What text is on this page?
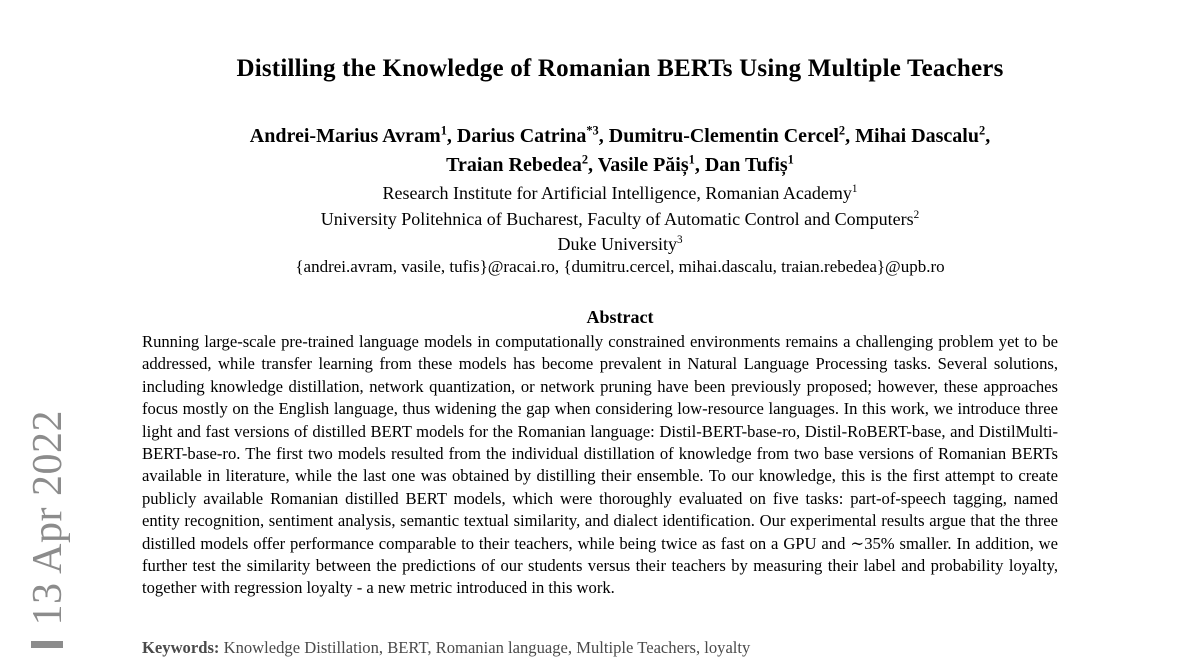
13 Apr 2022
Distilling the Knowledge of Romanian BERTs Using Multiple Teachers
Andrei-Marius Avram$^1$, Darius Catrina$^{*3}$, Dumitru-Clementin Cercel$^2$, Mihai Dascalu$^2$,
Traian Rebedea$^2$, Vasile Păiș$^1$, Dan Tufiș$^1$
Research Institute for Artificial Intelligence, Romanian Academy$^1$
University Politehnica of Bucharest, Faculty of Automatic Control and Computers$^2$
Duke University$^3$
{andrei.avram, vasile, tufis}@racai.ro, {dumitru.cercel, mihai.dascalu, traian.rebedea}@upb.ro
Abstract
Running large-scale pre-trained language models in computationally constrained environments remains a challenging problem yet to be addressed, while transfer learning from these models has become prevalent in Natural Language Processing tasks. Several solutions, including knowledge distillation, network quantization, or network pruning have been previously proposed; however, these approaches focus mostly on the English language, thus widening the gap when considering low-resource languages. In this work, we introduce three light and fast versions of distilled BERT models for the Romanian language: Distil-BERT-base-ro, Distil-RoBERT-base, and DistilMulti-BERT-base-ro. The first two models resulted from the individual distillation of knowledge from two base versions of Romanian BERTs available in literature, while the last one was obtained by distilling their ensemble. To our knowledge, this is the first attempt to create publicly available Romanian distilled BERT models, which were thoroughly evaluated on five tasks: part-of-speech tagging, named entity recognition, sentiment analysis, semantic textual similarity, and dialect identification. Our experimental results argue that the three distilled models offer performance comparable to their teachers, while being twice as fast on a GPU and ∼35% smaller. In addition, we further test the similarity between the predictions of our students versus their teachers by measuring their label and probability loyalty, together with regression loyalty - a new metric introduced in this work.
Keywords: Knowledge Distillation, BERT, Romanian language, Multiple Teachers, loyalty
